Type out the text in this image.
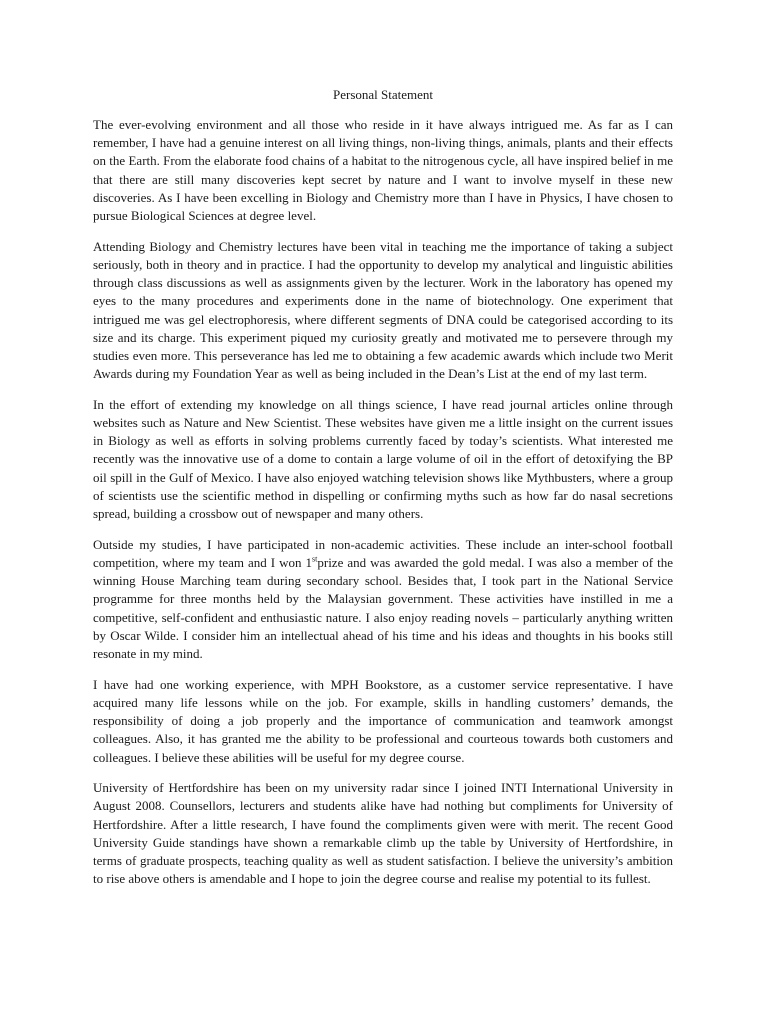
Personal Statement

The ever-evolving environment and all those who reside in it have always intrigued me. As far as I can remember, I have had a genuine interest on all living things, non-living things, animals, plants and their effects on the Earth. From the elaborate food chains of a habitat to the nitrogenous cycle, all have inspired belief in me that there are still many discoveries kept secret by nature and I want to involve myself in these new discoveries. As I have been excelling in Biology and Chemistry more than I have in Physics, I have chosen to pursue Biological Sciences at degree level.

Attending Biology and Chemistry lectures have been vital in teaching me the importance of taking a subject seriously, both in theory and in practice. I had the opportunity to develop my analytical and linguistic abilities through class discussions as well as assignments given by the lecturer. Work in the laboratory has opened my eyes to the many procedures and experiments done in the name of biotechnology. One experiment that intrigued me was gel electrophoresis, where different segments of DNA could be categorised according to its size and its charge. This experiment piqued my curiosity greatly and motivated me to persevere through my studies even more. This perseverance has led me to obtaining a few academic awards which include two Merit Awards during my Foundation Year as well as being included in the Dean’s List at the end of my last term.

In the effort of extending my knowledge on all things science, I have read journal articles online through websites such as Nature and New Scientist. These websites have given me a little insight on the current issues in Biology as well as efforts in solving problems currently faced by today’s scientists. What interested me recently was the innovative use of a dome to contain a large volume of oil in the effort of detoxifying the BP oil spill in the Gulf of Mexico. I have also enjoyed watching television shows like Mythbusters, where a group of scientists use the scientific method in dispelling or confirming myths such as how far do nasal secretions spread, building a crossbow out of newspaper and many others.

Outside my studies, I have participated in non-academic activities. These include an inter-school football competition, where my team and I won 1stprize and was awarded the gold medal. I was also a member of the winning House Marching team during secondary school. Besides that, I took part in the National Service programme for three months held by the Malaysian government. These activities have instilled in me a competitive, self-confident and enthusiastic nature. I also enjoy reading novels – particularly anything written by Oscar Wilde. I consider him an intellectual ahead of his time and his ideas and thoughts in his books still resonate in my mind.

I have had one working experience, with MPH Bookstore, as a customer service representative. I have acquired many life lessons while on the job. For example, skills in handling customers’ demands, the responsibility of doing a job properly and the importance of communication and teamwork amongst colleagues. Also, it has granted me the ability to be professional and courteous towards both customers and colleagues. I believe these abilities will be useful for my degree course.

University of Hertfordshire has been on my university radar since I joined INTI International University in August 2008. Counsellors, lecturers and students alike have had nothing but compliments for University of Hertfordshire. After a little research, I have found the compliments given were with merit. The recent Good University Guide standings have shown a remarkable climb up the table by University of Hertfordshire, in terms of graduate prospects, teaching quality as well as student satisfaction. I believe the university’s ambition to rise above others is amendable and I hope to join the degree course and realise my potential to its fullest.
